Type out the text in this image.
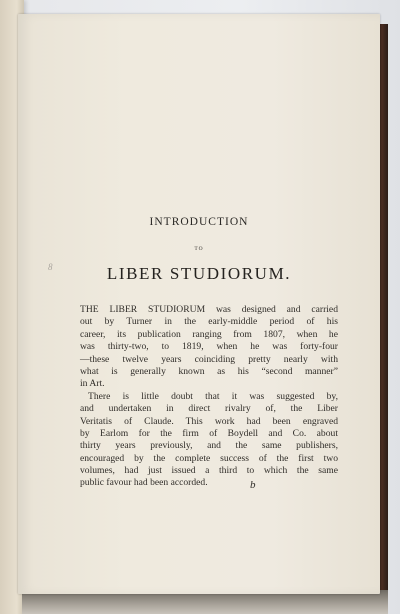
INTRODUCTION
TO
8	LIBER STUDIORUM.
THE LIBER STUDIORUM was designed and carried
out by Turner in the early-middle period of his
career, its publication ranging from 1807, when he
was thirty-two, to 1819, when he was forty-four
—these twelve years coinciding pretty nearly with
what is generally known as his “second manner”
in Art.
There is little doubt that it was suggested by,
and undertaken in direct rivalry of, the Liber
Veritatis of Claude. This work had been engraved
by Earlom for the firm of Boydell and Co. about
thirty years previously, and the same publishers,
encouraged by the complete success of the first two
volumes, had just issued a third to which the same
public favour had been accorded.	b
